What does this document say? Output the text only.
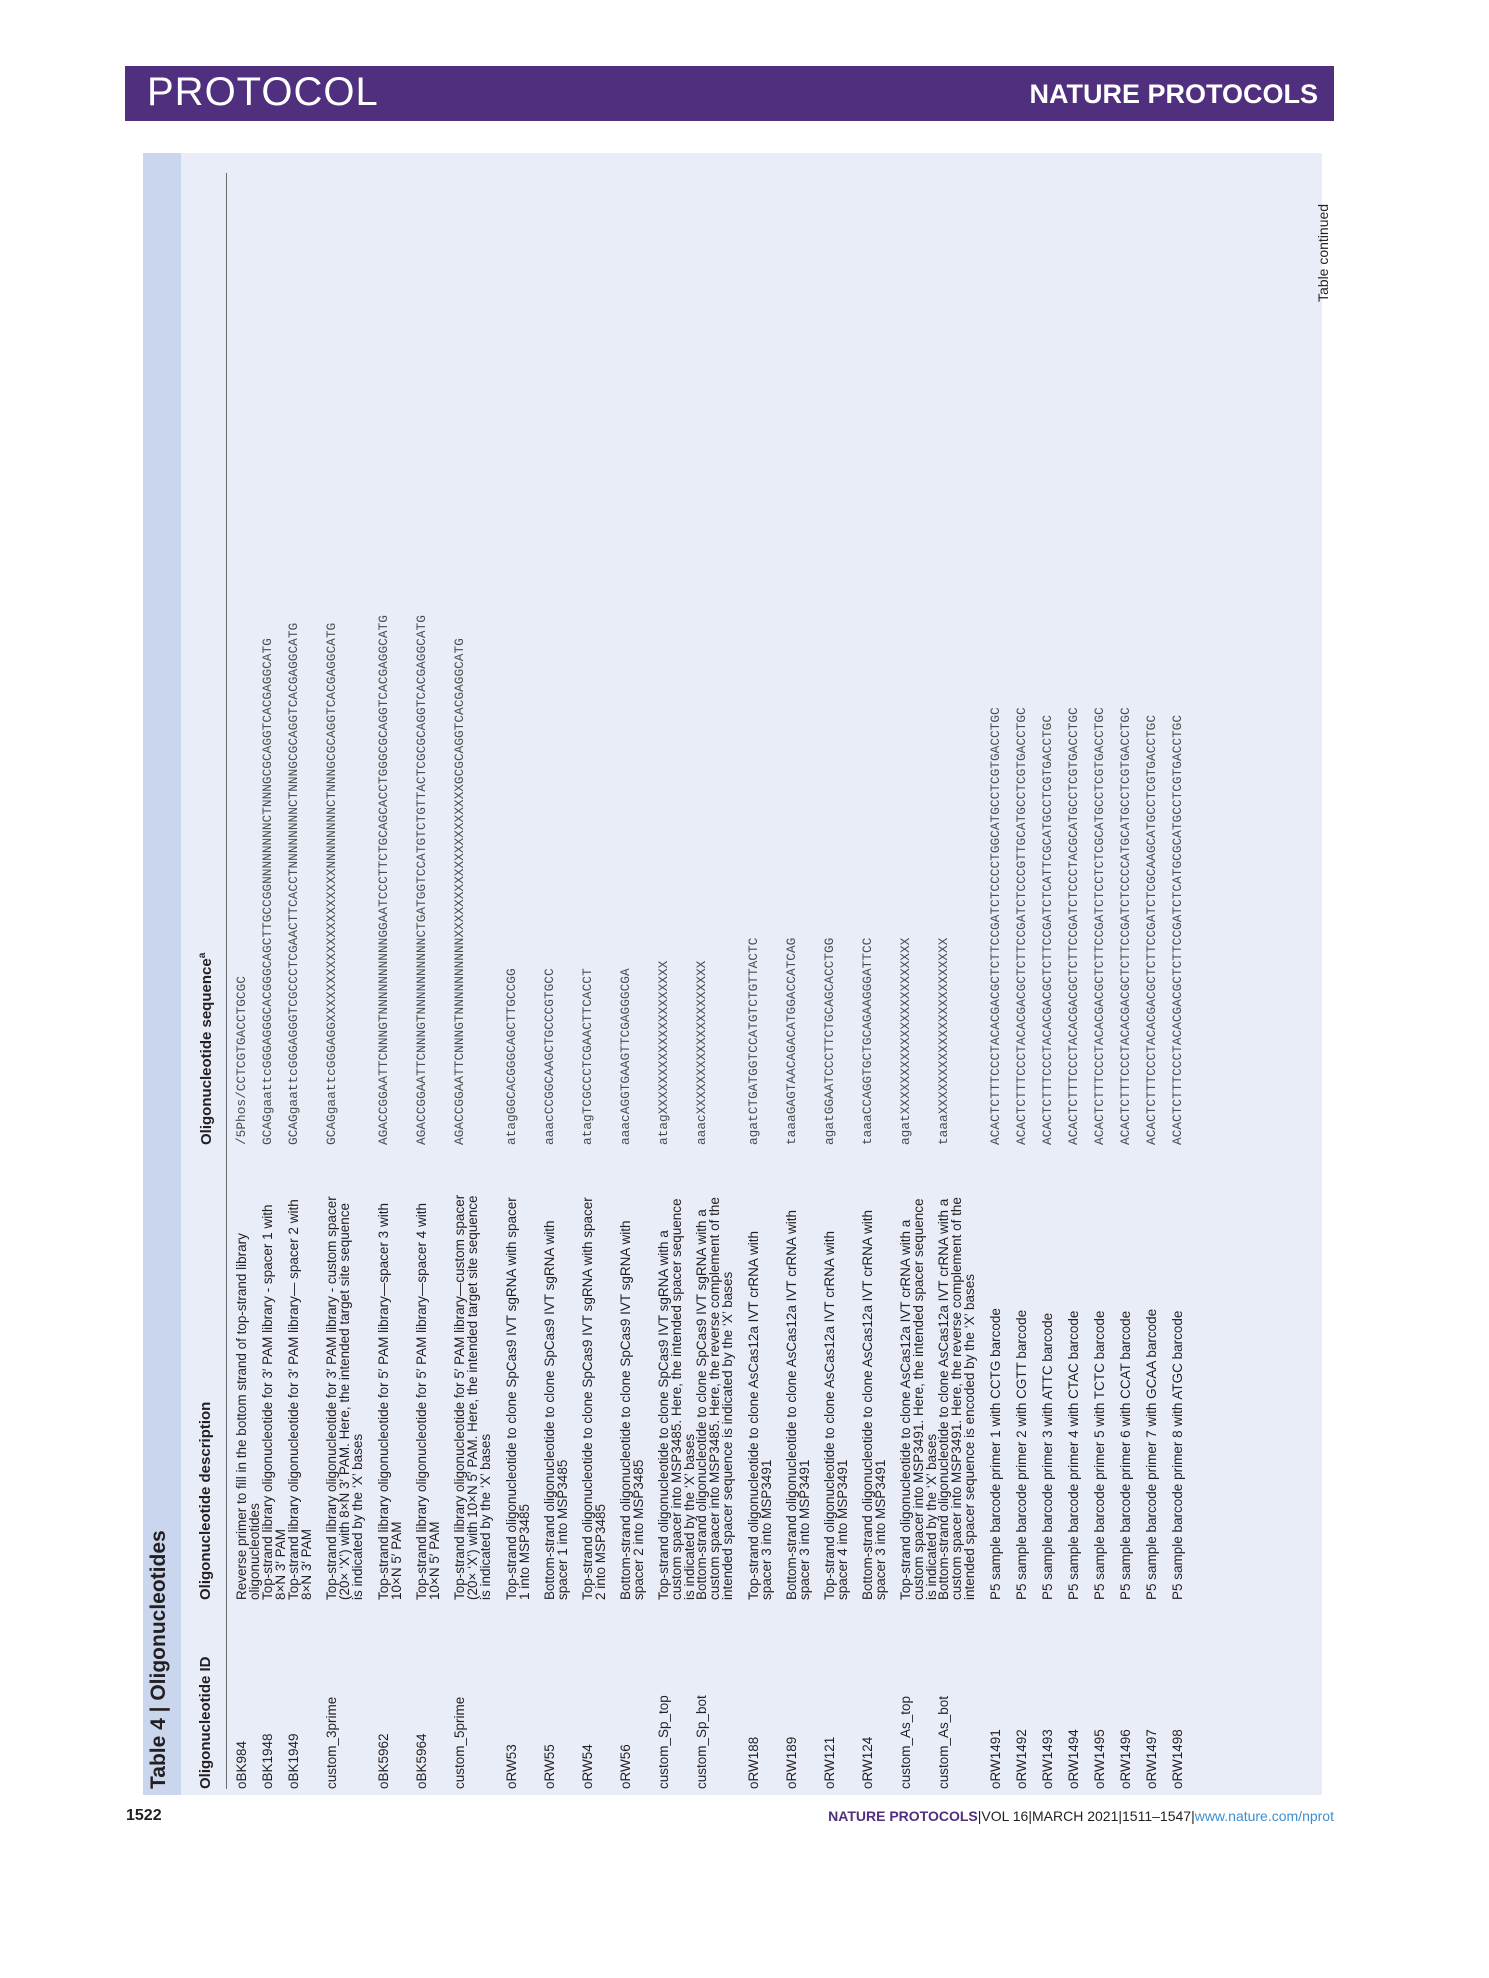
PROTOCOL	NATURE PROTOCOLS
Table 4 | Oligonucleotides Oligonucleotide ID
Oligonucleotide description
Oligonucleotide sequence$^a$
oBK984
Reverse primer to fill in the bottom strand of top-strand library oligonucleotides
/5Phos/CCTCGTGACCTGCGC
oBK1948
Top-strand library oligonucleotide for 3′ PAM library - spacer 1 with 8×N 3′ PAM
GCAGgaattcGGGAGGGCACGGGCAGCTTGCCGGNNNNNNNNCTNNNGCGCAGGTCACGAGGCATG
oBK1949
Top-strand library oligonucleotide for 3′ PAM library— spacer 2 with 8×N 3′ PAM
GCAGgaattcGGGAGGGTCGCCCTCGAACTTCACCTNNNNNNNNCTNNNGCGCAGGTCACGAGGCATG
custom_3prime
Top-strand library oligonucleotide for 3′ PAM library - custom spacer (20× ‘X’) with 8×N 3′ PAM. Here, the intended target site sequence is indicated by the ‘X’ bases
GCAGgaattcGGGAGGXXXXXXXXXXXXXXXXXXXXNNNNNNNNCTNNNGCGCAGGTCACGAGGCATG
oBK5962
Top-strand library oligonucleotide for 5′ PAM library—spacer 3 with 10×N 5′ PAM
AGACCGGAATTCNNNGTNNNNNNNNNNGGAATCCCTTCTGCAGCACCTGGGCGCAGGTCACGAGGCATG
oBK5964
Top-strand library oligonucleotide for 5′ PAM library—spacer 4 with 10×N 5′ PAM
AGACCGGAATTCNNNGTNNNNNNNNNNCTGATGGTCCATGTCTGTTACTCGCGCAGGTCACGAGGCATG
custom_5prime
Top-strand library oligonucleotide for 5′ PAM library—custom spacer (20× ‘X’) with 10×N 5′ PAM. Here, the intended target site sequence is indicated by the ‘X’ bases
AGACCGGAATTCNNNGTNNNNNNNNNNXXXXXXXXXXXXXXXXXXXXGCGCAGGTCACGAGGCATG
oRW53
Top-strand oligonucleotide to clone SpCas9 IVT sgRNA with spacer 1 into MSP3485
atagGGCACGGGCAGCTTGCCGG
oRW55
Bottom-strand oligonucleotide to clone SpCas9 IVT sgRNA with spacer 1 into MSP3485
aaacCCGGCAAGCTGCCCGTGCC
oRW54
Top-strand oligonucleotide to clone SpCas9 IVT sgRNA with spacer 2 into MSP3485
atagTCGCCCTCGAACTTCACCT
oRW56
Bottom-strand oligonucleotide to clone SpCas9 IVT sgRNA with spacer 2 into MSP3485
aaacAGGTGAAGTTCGAGGGCGA
custom_Sp_top
Top-strand oligonucleotide to clone SpCas9 IVT sgRNA with a custom spacer into MSP3485. Here, the intended spacer sequence is indicated by the ‘X’ bases
atagXXXXXXXXXXXXXXXXXXXX
custom_Sp_bot
Bottom-strand oligonucleotide to clone SpCas9 IVT sgRNA with a custom spacer into MSP3485. Here, the reverse complement of the intended spacer sequence is indicated by the ‘X’ bases
aaacXXXXXXXXXXXXXXXXXXXX
oRW188
Top-strand oligonucleotide to clone AsCas12a IVT crRNA with spacer 3 into MSP3491
agatCTGATGGTCCATGTCTGTTACTC
oRW189
Bottom-strand oligonucleotide to clone AsCas12a IVT crRNA with spacer 3 into MSP3491
taaaGAGTAACAGACATGGACCATCAG
oRW121
Top-strand oligonucleotide to clone AsCas12a IVT crRNA with spacer 4 into MSP3491
agatGGAATCCCTTCTGCAGCACCTGG
oRW124
Bottom-strand oligonucleotide to clone AsCas12a IVT crRNA with spacer 3 into MSP3491
taaaCCAGGTGCTGCAGAAGGGATTCC
custom_As_top
Top-strand oligonucleotide to clone AsCas12a IVT crRNA with a custom spacer into MSP3491. Here, the intended spacer sequence is indicated by the ‘X’ bases
agatXXXXXXXXXXXXXXXXXXXXXXX
custom_As_bot
Bottom-strand oligonucleotide to clone AsCas12a IVT crRNA with a custom spacer into MSP3491. Here, the reverse complement of the intended spacer sequence is encoded by the ‘X’ bases
taaaXXXXXXXXXXXXXXXXXXXXXXX
oRW1491
P5 sample barcode primer 1 with CCTG barcode
ACACTCTTTCCCTACACGACGCTCTTCCGATCTCCCCTGGCATGCCTCGTGACCTGC
oRW1492
P5 sample barcode primer 2 with CGTT barcode
ACACTCTTTCCCTACACGACGCTCTTCCGATCTCCCGTTGCATGCCTCGTGACCTGC
oRW1493
P5 sample barcode primer 3 with ATTC barcode
ACACTCTTTCCCTACACGACGCTCTTCCGATCTCATTCGCATGCCTCGTGACCTGC
oRW1494
P5 sample barcode primer 4 with CTAC barcode
ACACTCTTTCCCTACACGACGCTCTTCCGATCTCCCTACGCATGCCTCGTGACCTGC
oRW1495
P5 sample barcode primer 5 with TCTC barcode
ACACTCTTTCCCTACACGACGCTCTTCCGATCTCCTCTCGCATGCCTCGTGACCTGC
oRW1496
P5 sample barcode primer 6 with CCAT barcode
ACACTCTTTCCCTACACGACGCTCTTCCGATCTCCCCATGCATGCCTCGTGACCTGC
oRW1497
P5 sample barcode primer 7 with GCAA barcode
ACACTCTTTCCCTACACGACGCTCTTCCGATCTCGCAAGCATGCCTCGTGACCTGC
oRW1498
P5 sample barcode primer 8 with ATGC barcode
ACACTCTTTCCCTACACGACGCTCTTCCGATCTCATGCGCATGCCTCGTGACCTGC
Table continued
1522	NATURE PROTOCOLS|VOL 16|MARCH 2021|1511–1547|www.nature.com/nprot
